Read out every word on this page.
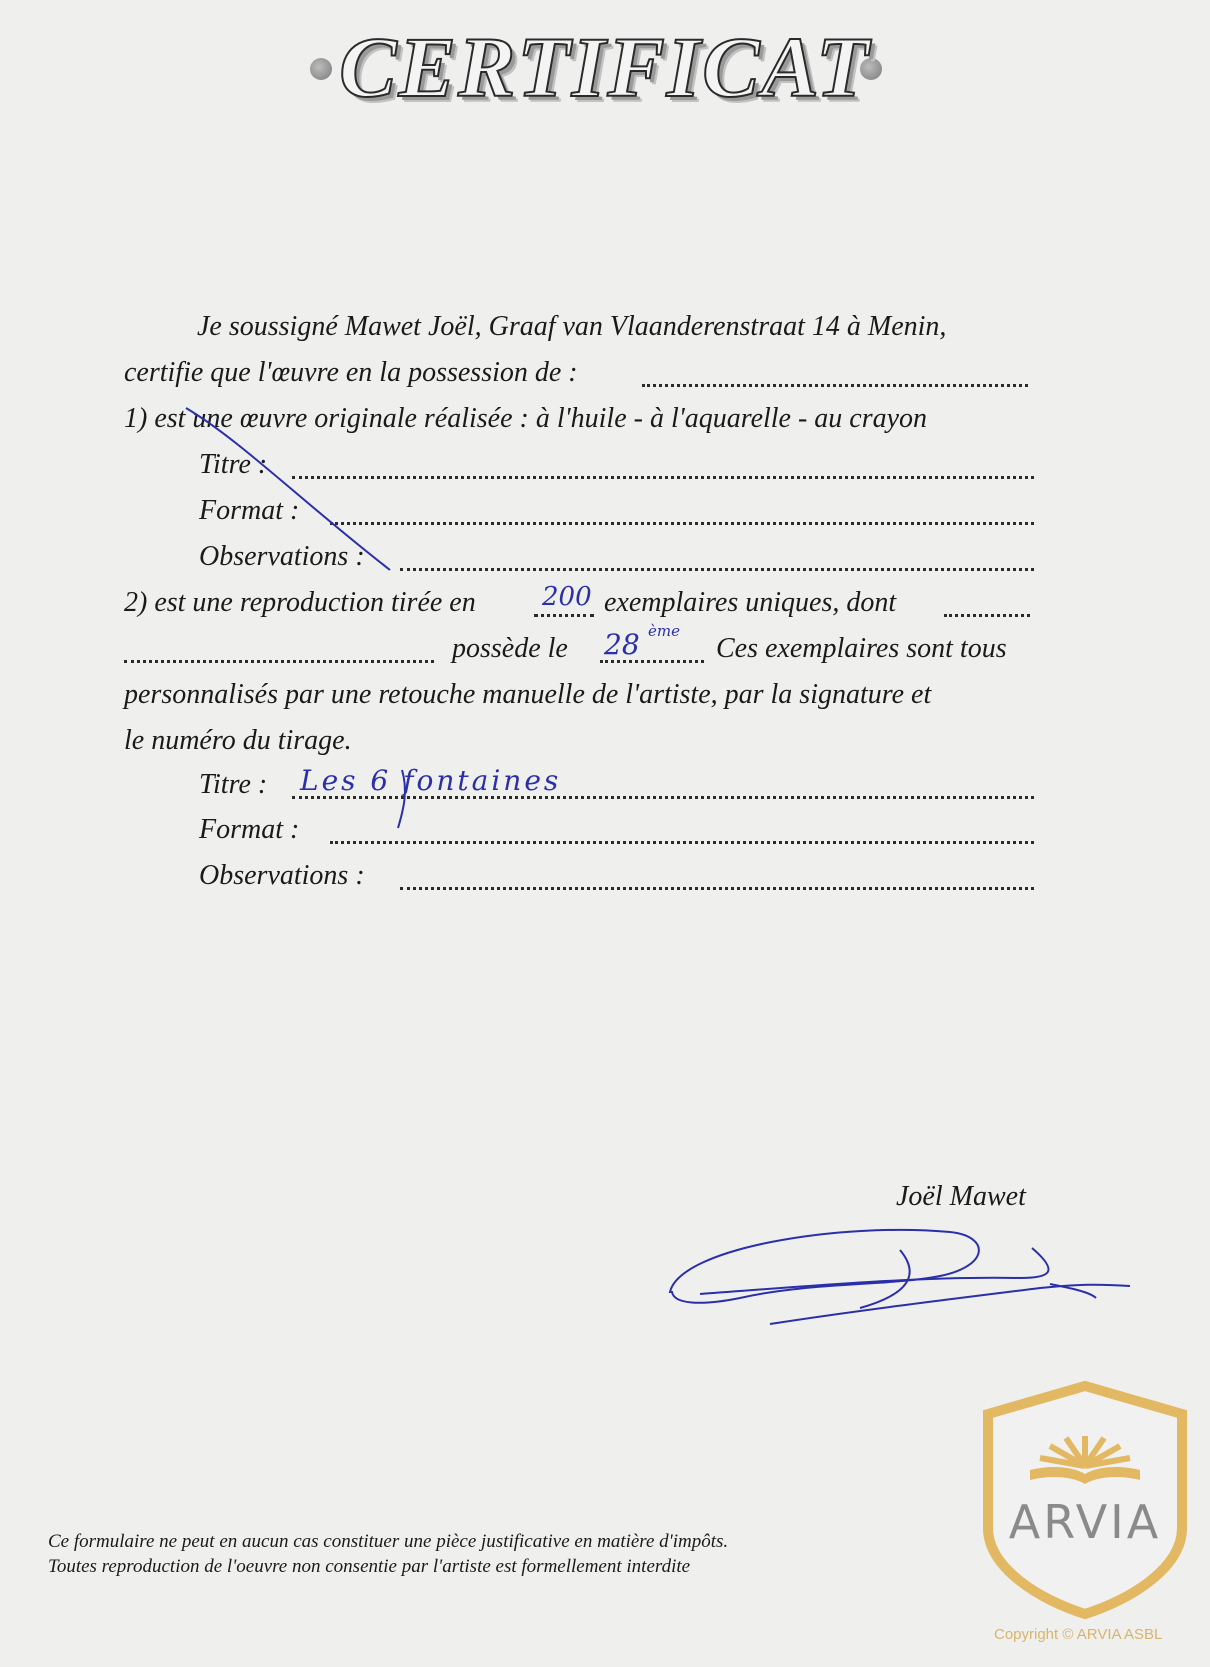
CERTIFICAT
Je soussigné Mawet Joël, Graaf van Vlaanderenstraat 14 à Menin,
certifie que l'œuvre en la possession de :
1) est une œuvre originale réalisée : à l'huile - à l'aquarelle - au crayon
Titre :
Format :
Observations :
2) est une reproduction tirée en	exemplaires uniques, dont
possède le	Ces exemplaires sont tous
personnalisés par une retouche manuelle de l'artiste, par la signature et
le numéro du tirage.
Titre :
Format :
Observations :
200
28 ème
Les 6 fontaines
Joël Mawet
Ce formulaire ne peut en aucun cas constituer une pièce justificative en matière d'impôts.
Toutes reproduction de l'oeuvre non consentie par l'artiste est formellement interdite
ARVIA
Copyright © ARVIA ASBL
